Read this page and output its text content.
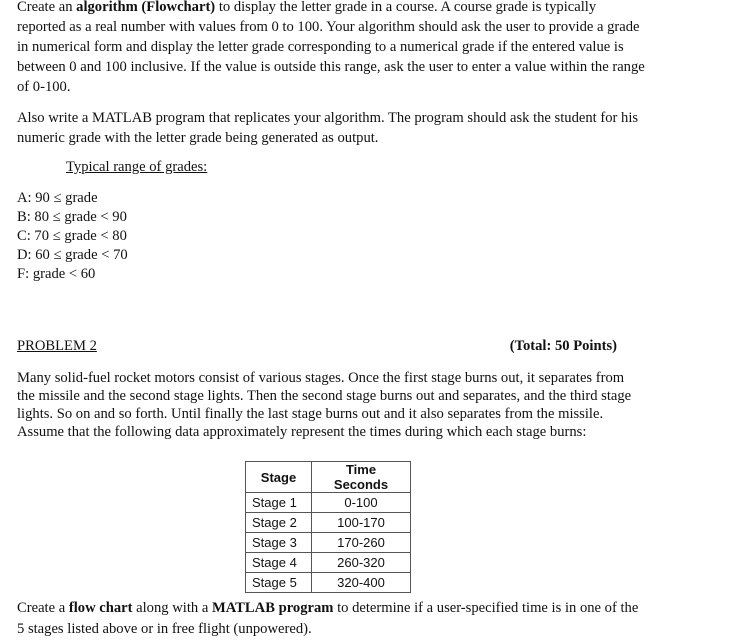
Create an algorithm (Flowchart) to display the letter grade in a course. A course grade is typically reported as a real number with values from 0 to 100. Your algorithm should ask the user to provide a grade in numerical form and display the letter grade corresponding to a numerical grade if the entered value is between 0 and 100 inclusive. If the value is outside this range, ask the user to enter a value within the range of 0-100.

Also write a MATLAB program that replicates your algorithm. The program should ask the student for his numeric grade with the letter grade being generated as output.

Typical range of grades:

A: 90 ≤ grade
B: 80 ≤ grade < 90
C: 70 ≤ grade < 80
D: 60 ≤ grade < 70
F: grade < 60
PROBLEM 2	(Total: 50 Points)

Many solid-fuel rocket motors consist of various stages. Once the first stage burns out, it separates from the missile and the second stage lights. Then the second stage burns out and separates, and the third stage lights. So on and so forth. Until finally the last stage burns out and it also separates from the missile. Assume that the following data approximately represent the times during which each stage burns:

Stage	Time Seconds
Stage 1	0-100
Stage 2	100-170
Stage 3	170-260
Stage 4	260-320
Stage 5	320-400

Create a flow chart along with a MATLAB program to determine if a user-specified time is in one of the 5 stages listed above or in free flight (unpowered).
